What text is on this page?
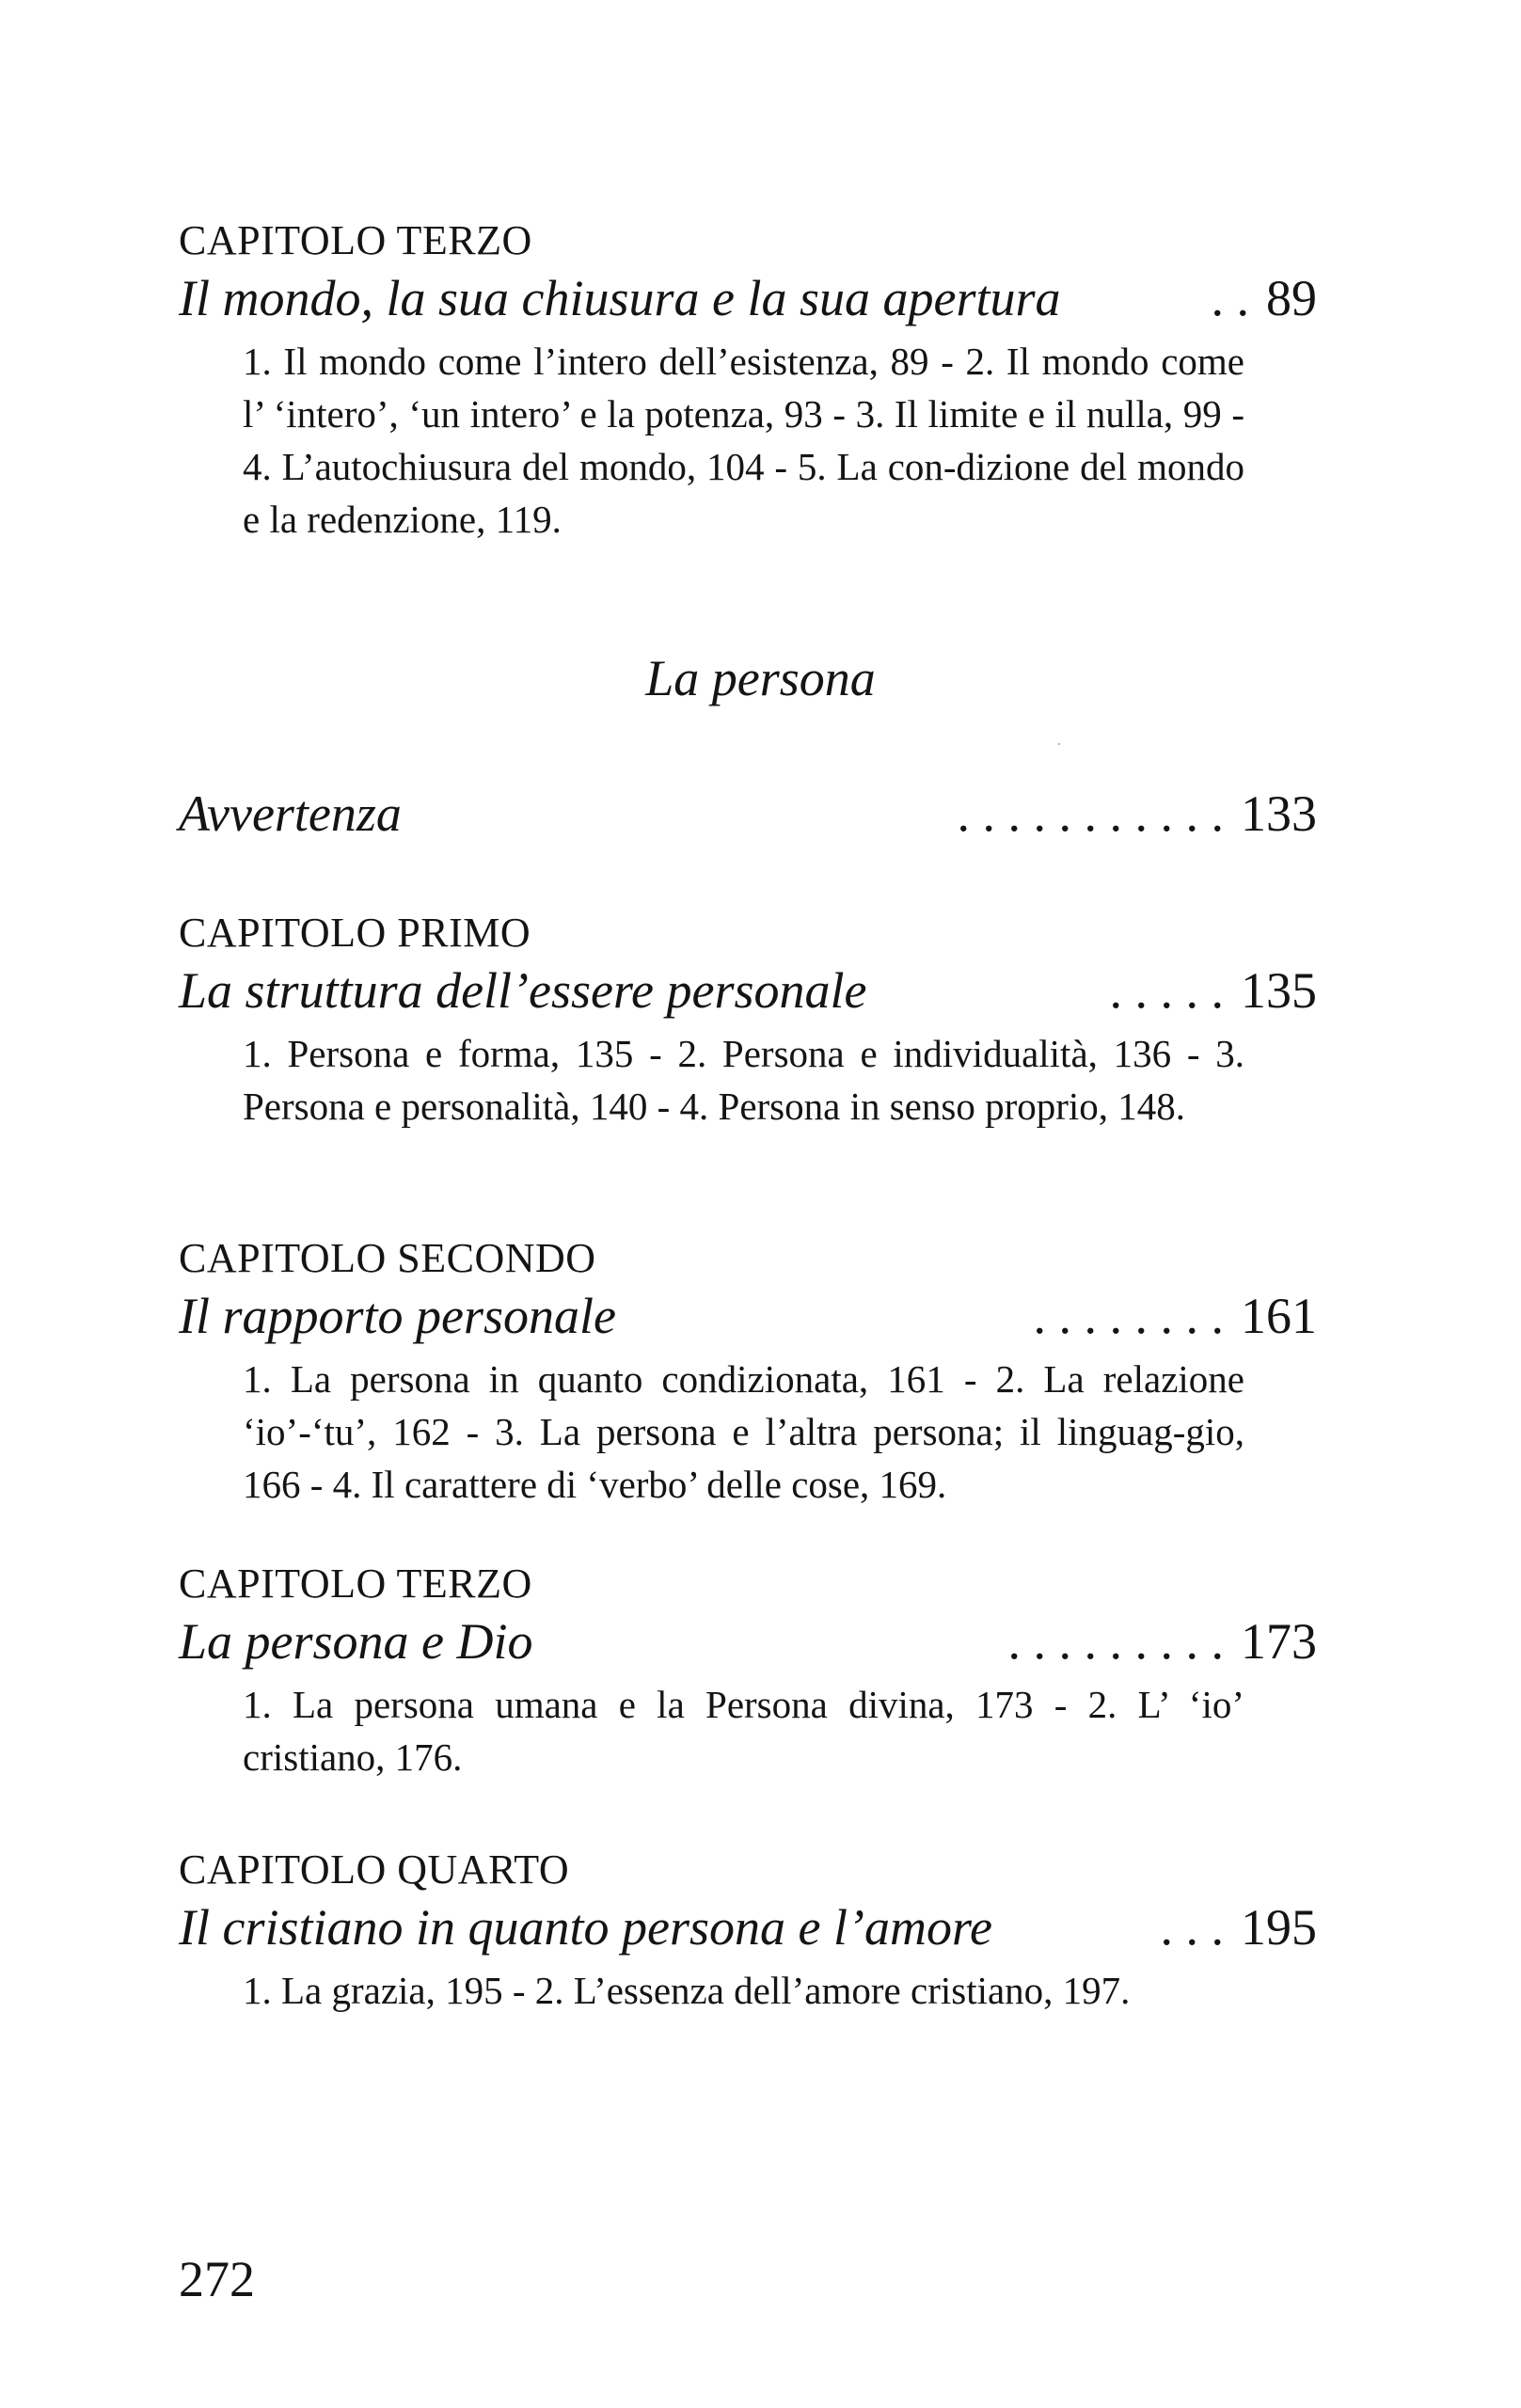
CAPITOLO TERZO

Il mondo, la sua chiusura e la sua apertura	. . 89

1. Il mondo come l’intero dell’esistenza, 89 - 2. Il mondo come l’ ‘intero’, ‘un intero’ e la potenza, 93 - 3. Il limite e il nulla, 99 - 4. L’autochiusura del mondo, 104 - 5. La con-dizione del mondo e la redenzione, 119.

La persona
Avvertenza	. . . . . . . . . . . 133

CAPITOLO PRIMO

La struttura dell’essere personale	. . . . . 135

1. Persona e forma, 135 - 2. Persona e individualità, 136 - 3. Persona e personalità, 140 - 4. Persona in senso proprio, 148.

CAPITOLO SECONDO

Il rapporto personale	. . . . . . . . 161

1. La persona in quanto condizionata, 161 - 2. La relazione ‘io’-‘tu’, 162 - 3. La persona e l’altra persona; il linguag-gio, 166 - 4. Il carattere di ‘verbo’ delle cose, 169.

CAPITOLO TERZO

La persona e Dio	. . . . . . . . . 173

1. La persona umana e la Persona divina, 173 - 2. L’ ‘io’ cristiano, 176.

CAPITOLO QUARTO

Il cristiano in quanto persona e l’amore	. . . 195

1. La grazia, 195 - 2. L’essenza dell’amore cristiano, 197.

272
